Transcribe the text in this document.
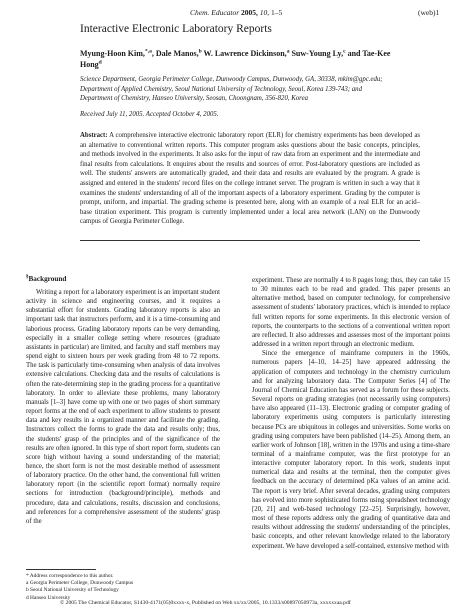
Chem. Educator 2005, 10, 1–5	(web)1
Interactive Electronic Laboratory Reports
Myung-Hoon Kim,$^{*,a}$, Dale Manos,$^b$ W. Lawrence Dickinson,$^a$ Suw-Young Ly,$^c$ and Tae-Kee
Hong$^d$
Science Department, Georgia Perimeter College, Dunwoody Campus, Dunwoody, GA, 30338, mkim@gpc.edu;
Department of Applied Chemistry, Seoul National University of Technology, Seoul, Korea 139-743; and
Department of Chemistry, Hanseo University, Seosan, Choongnam, 356-820, Korea
Received July 11, 2005. Accepted October 4, 2005.
Abstract: A comprehensive interactive electronic laboratory report (ELR) for chemistry experiments has been developed as an alternative to conventional written reports. This computer program asks questions about the basic concepts, principles, and methods involved in the experiments. It also asks for the input of raw data from an experiment and the intermediate and final results from calculations. It enquires about the results and sources of error. Post-laboratory questions are included as well. The students' answers are automatically graded, and their data and results are evaluated by the program. A grade is assigned and entered in the students' record files on the college intranet server. The program is written in such a way that it examines the students' understanding of all of the important aspects of a laboratory experiment. Grading by the computer is prompt, uniform, and impartial. The grading scheme is presented here, along with an example of a real ELR for an acid– base titration experiment. This program is currently implemented under a local area network (LAN) on the Dunwoody campus of Georgia Perimeter College.
§Background

Writing a report for a laboratory experiment is an important student activity in science and engineering courses, and it requires a substantial effort for students. Grading laboratory reports is also an important task that instructors perform, and it is a time-consuming and laborious process. Grading laboratory reports can be very demanding, especially in a smaller college setting where resources (graduate assistants in particular) are limited, and faculty and staff members may spend eight to sixteen hours per week grading from 48 to 72 reports. The task is particularly time-consuming when analysis of data involves extensive calculations. Checking data and the results of calculations is often the rate-determining step in the grading process for a quantitative laboratory. In order to alleviate these problems, many laboratory manuals [1–3] have come up with one or two pages of short summary report forms at the end of each experiment to allow students to present data and key results in a organized manner and facilitate the grading. Instructors collect the forms to grade the data and results only; thus, the students' grasp of the principles and of the significance of the results are often ignored. In this type of short report form, students can score high without having a sound understanding of the material; hence, the short form is not the most desirable method of assessment of laboratory practice. On the other hand, the conventional full written laboratory report (in the scientific report format) normally require sections for introduction (background/principle), methods and procedure, data and calculations, results, discussion and conclusions, and references for a comprehensive assessment of the students' grasp of the

experiment. These are normally 4 to 8 pages long; thus, they can take 15 to 30 minutes each to be read and graded. This paper presents an alternative method, based on computer technology, for comprehensive assessment of students' laboratory practices, which is intended to replace full written reports for some experiments. In this electronic version of reports, the counterparts to the sections of a conventional written report are reflected. It also addresses and assesses most of the important points addressed in a written report through an electronic medium.

Since the emergence of mainframe computers in the 1960s, numerous papers [4–10, 14–25] have appeared addressing the application of computers and technology in the chemistry curriculum and for analyzing laboratory data. The Computer Series [4] of The Journal of Chemical Education has served as a forum for these subjects. Several reports on grading strategies (not necessarily using computers) have also appeared (11–13). Electronic grading or computer grading of laboratory experiments using computers is particularly interesting because PCs are ubiquitous in colleges and universities. Some works on grading using computers have been published (14–25). Among them, an earlier work of Johnson [18], written in the 1970s and using a time-share terminal of a mainframe computer, was the first prototype for an interactive computer laboratory report. In this work, students input numerical data and results at the terminal, then the computer gives feedback on the accuracy of determined pKa values of an amine acid. The report is very brief. After several decades, grading using computers has evolved into more sophisticated forms using spreadsheet technology [20, 21] and web-based technology [22–25]. Surprisingly, however, most of these reports address only the grading of quantitative data and results without addressing the students' understanding of the principles, basic concepts, and other relevant knowledge related to the laboratory experiment. We have developed a self-contained, extensive method with

* Address correspondence to this author.
a Georgia Perimeter College, Dunwoody Campus
b Seoul National University of Technology
d Hanseo University
© 2005 The Chemical Educator, S1430-4171(05)0xxxx-x, Published on Web xx/xx/2005, 10.1333/s00897050973a, xxxxxxaa.pdf
